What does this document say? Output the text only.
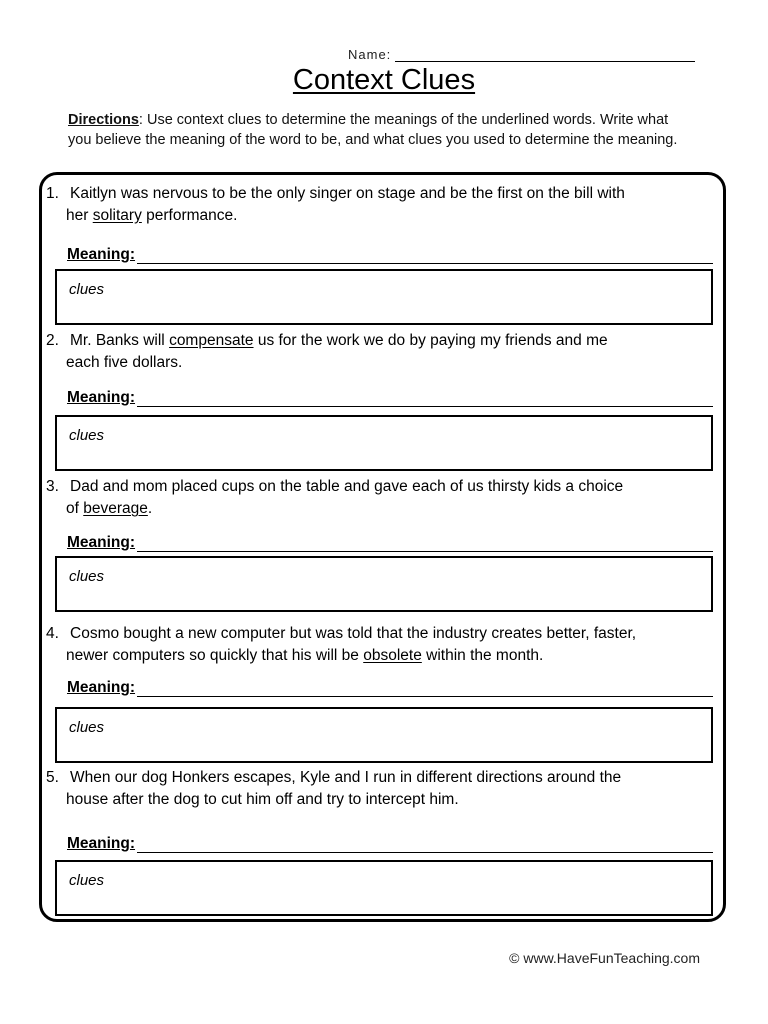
Name:
Context Clues
Directions: Use context clues to determine the meanings of the underlined words. Write what you believe the meaning of the word to be, and what clues you used to determine the meaning.
1. Kaitlyn was nervous to be the only singer on stage and be the first on the bill with
her solitary performance.
Meaning:
clues
2. Mr. Banks will compensate us for the work we do by paying my friends and me
each five dollars.
Meaning:
clues
3. Dad and mom placed cups on the table and gave each of us thirsty kids a choice
of beverage.
Meaning:
clues
4. Cosmo bought a new computer but was told that the industry creates better, faster,
newer computers so quickly that his will be obsolete within the month.
Meaning:
clues
5. When our dog Honkers escapes, Kyle and I run in different directions around the
house after the dog to cut him off and try to intercept him.
Meaning:
clues
© www.HaveFunTeaching.com
